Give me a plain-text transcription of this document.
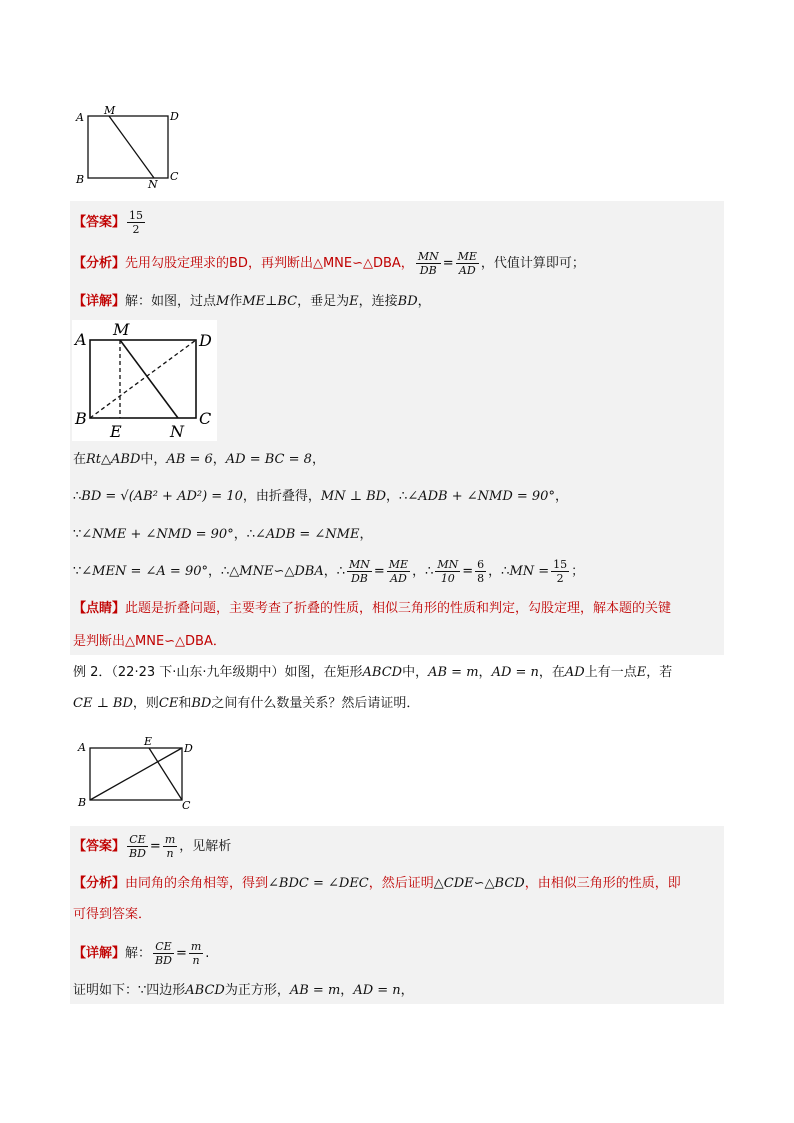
A
M	D
B	N
C
【答案】 $\frac{15}{2}$
【分析】先用勾股定理求的BD，再判断出△MNE∽△DBA， $\frac{MN}{DB} = \frac{ME}{AD}$ ，代值计算即可；
【详解】解：如图，过点M作ME⊥BC，垂足为E，连接BD，
A
M
D
B
E	N
C
在Rt△ABD中，AB = 6，AD = BC = 8，
∴BD = √(AB² + AD²) = 10，由折叠得，MN ⊥ BD，∴∠ADB + ∠NMD = 90°，
∵∠NME + ∠NMD = 90°，∴∠ADB = ∠NME，
∵∠MEN = ∠A = 90°，∴△MNE∽△DBA，∴ $\frac{MN}{DB} = \frac{ME}{AD}$ ，∴ $\frac{MN}{10} = \frac{6}{8}$ ，∴MN = $\frac{15}{2}$ ；
【点睛】此题是折叠问题，主要考查了折叠的性质，相似三角形的性质和判定，勾股定理，解本题的关键
是判断出△MNE∽△DBA．
例 2．（22·23 下·山东·九年级期中）如图，在矩形ABCD中，AB = m，AD = n，在AD上有一点E，若
CE ⊥ BD，则CE和BD之间有什么数量关系？然后请证明．
A	E
D
B	C
【答案】 $\frac{CE}{BD} = \frac{m}{n}$ ，见解析
【分析】由同角的余角相等，得到∠BDC = ∠DEC，然后证明△CDE∽△BCD，由相似三角形的性质，即
可得到答案．
【详解】解： $\frac{CE}{BD} = \frac{m}{n}$ .
证明如下：∵四边形ABCD为正方形，AB = m，AD = n，
